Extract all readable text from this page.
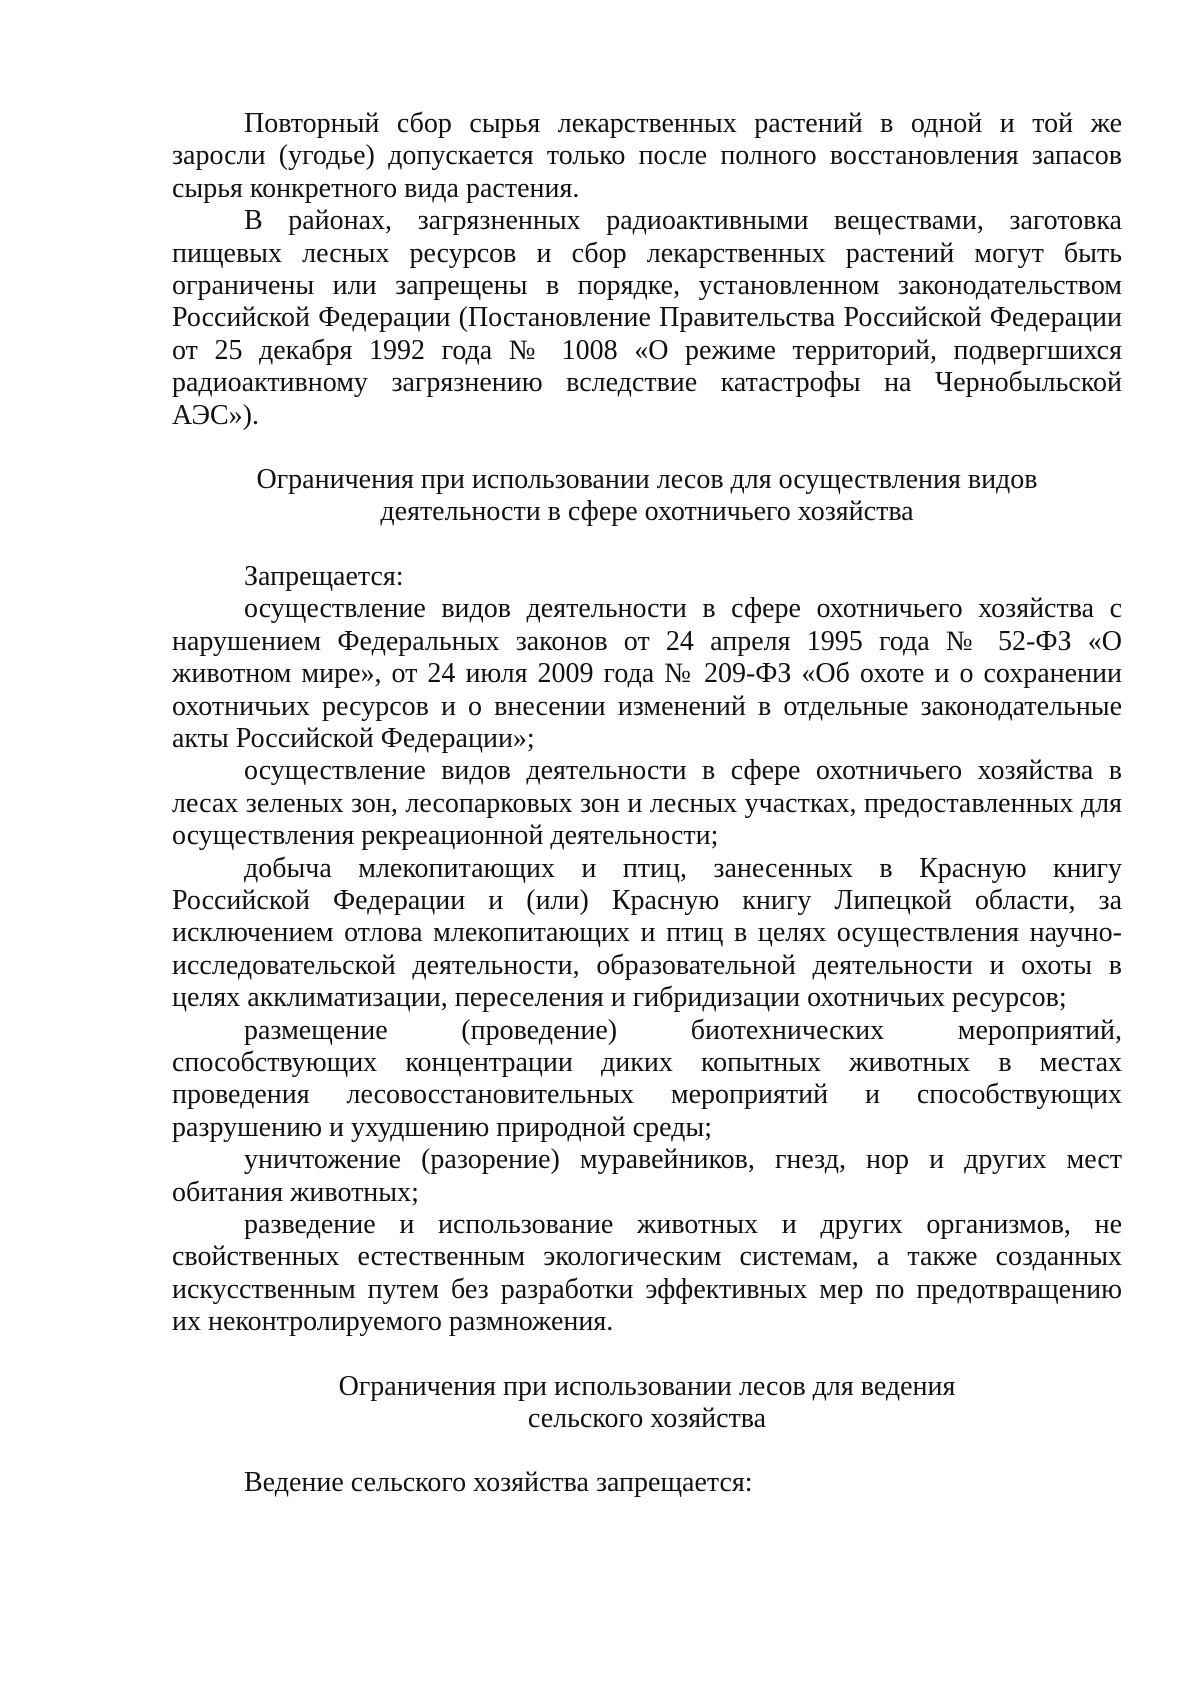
Повторный сбор сырья лекарственных растений в одной и той же заросли (угодье) допускается только после полного восстановления запасов сырья конкретного вида растения.

В районах, загрязненных радиоактивными веществами, заготовка пищевых лесных ресурсов и сбор лекарственных растений могут быть ограничены или запрещены в порядке, установленном законодательством Российской Федерации (Постановление Правительства Российской Федерации от 25 декабря 1992 года № 1008 «О режиме территорий, подвергшихся радиоактивному загрязнению вследствие катастрофы на Чернобыльской АЭС»).

Ограничения при использовании лесов для осуществления видов
деятельности в сфере охотничьего хозяйства

Запрещается:

осуществление видов деятельности в сфере охотничьего хозяйства с нарушением Федеральных законов от 24 апреля 1995 года № 52-ФЗ «О животном мире», от 24 июля 2009 года № 209-ФЗ «Об охоте и о сохранении охотничьих ресурсов и о внесении изменений в отдельные законодательные акты Российской Федерации»;

осуществление видов деятельности в сфере охотничьего хозяйства в лесах зеленых зон, лесопарковых зон и лесных участках, предоставленных для осуществления рекреационной деятельности;

добыча млекопитающих и птиц, занесенных в Красную книгу Российской Федерации и (или) Красную книгу Липецкой области, за исключением отлова млекопитающих и птиц в целях осуществления научно-исследовательской деятельности, образовательной деятельности и охоты в целях акклиматизации, переселения и гибридизации охотничьих ресурсов;

размещение (проведение) биотехнических мероприятий, способствующих концентрации диких копытных животных в местах проведения лесовосстановительных мероприятий и способствующих разрушению и ухудшению природной среды;

уничтожение (разорение) муравейников, гнезд, нор и других мест обитания животных;

разведение и использование животных и других организмов, не свойственных естественным экологическим системам, а также созданных искусственным путем без разработки эффективных мер по предотвращению их неконтролируемого размножения.

Ограничения при использовании лесов для ведения
сельского хозяйства

Ведение сельского хозяйства запрещается:
